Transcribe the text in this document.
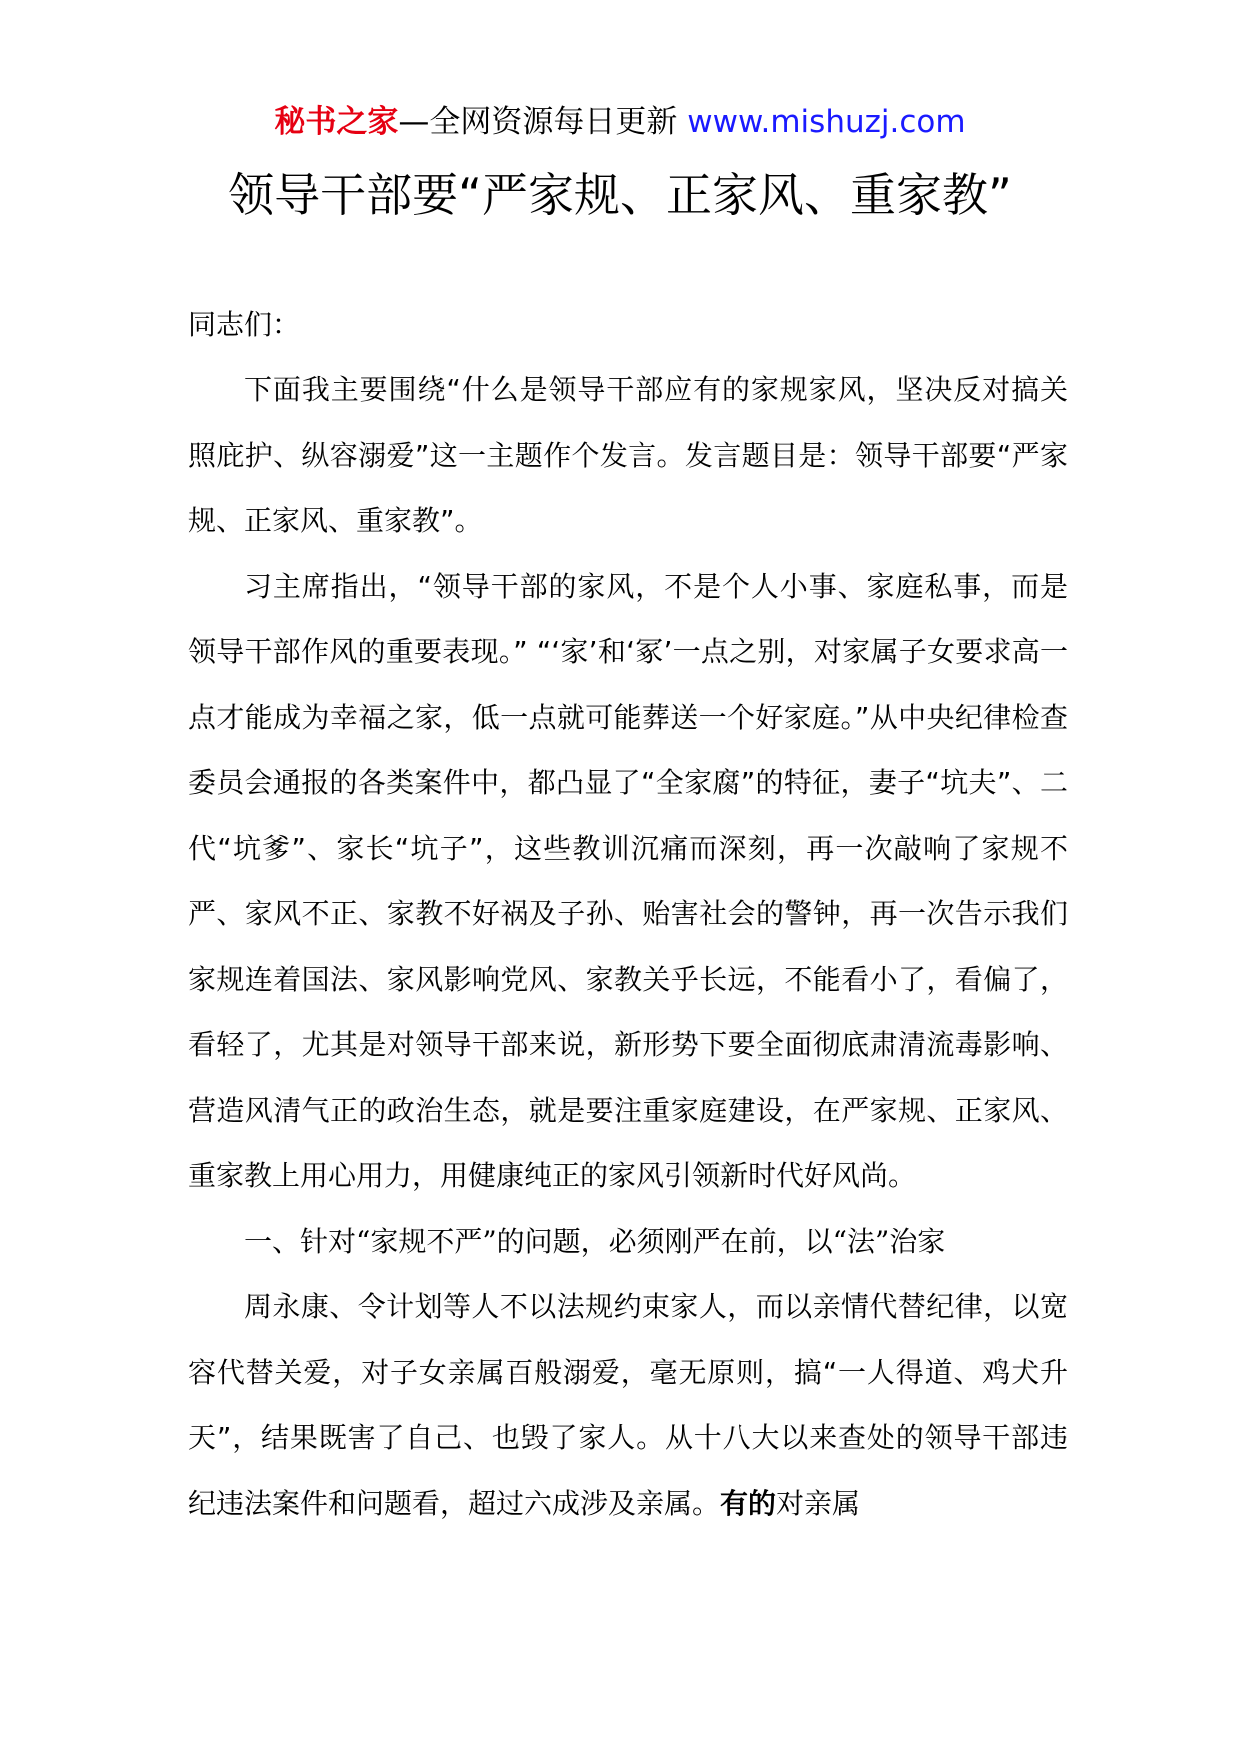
秘书之家—全网资源每日更新 www.mishuzj.com
领导干部要“严家规、正家风、重家教”
同志们：

下面我主要围绕“什么是领导干部应有的家规家风，坚决反对搞关照庇护、纵容溺爱”这一主题作个发言。发言题目是：领导干部要“严家规、正家风、重家教”。

习主席指出，“领导干部的家风，不是个人小事、家庭私事，而是领导干部作风的重要表现。” “‘家’和‘冢’一点之别，对家属子女要求高一点才能成为幸福之家，低一点就可能葬送一个好家庭。”从中央纪律检查委员会通报的各类案件中，都凸显了“全家腐”的特征，妻子“坑夫”、二代“坑爹”、家长“坑子”，这些教训沉痛而深刻，再一次敲响了家规不严、家风不正、家教不好祸及子孙、贻害社会的警钟，再一次告示我们家规连着国法、家风影响党风、家教关乎长远，不能看小了，看偏了，看轻了，尤其是对领导干部来说，新形势下要全面彻底肃清流毒影响、营造风清气正的政治生态，就是要注重家庭建设，在严家规、正家风、重家教上用心用力，用健康纯正的家风引领新时代好风尚。

一、针对“家规不严”的问题，必须刚严在前，以“法”治家

周永康、令计划等人不以法规约束家人，而以亲情代替纪律，以宽容代替关爱，对子女亲属百般溺爱，毫无原则，搞“一人得道、鸡犬升天”，结果既害了自己、也毁了家人。从十八大以来查处的领导干部违纪违法案件和问题看，超过六成涉及亲属。有的对亲属
